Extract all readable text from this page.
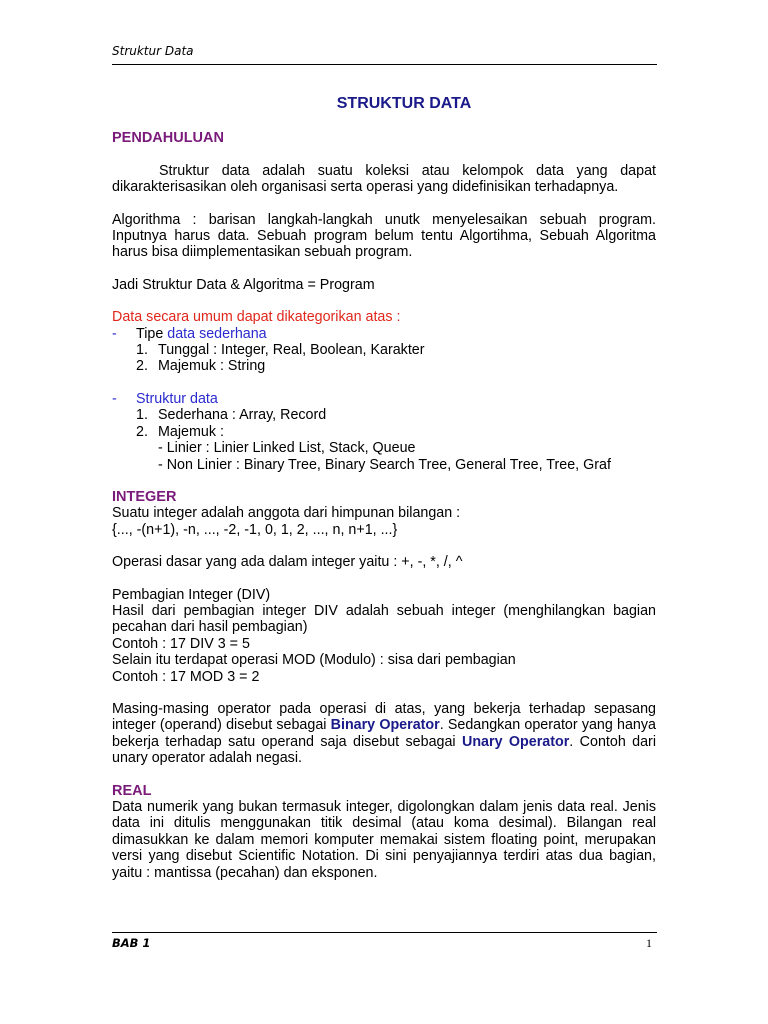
Struktur Data
STRUKTUR DATA
PENDAHULUAN

Struktur data adalah suatu koleksi atau kelompok data yang dapat dikarakterisasikan oleh organisasi serta operasi yang didefinisikan terhadapnya.

Algorithma : barisan langkah-langkah unutk menyelesaikan sebuah program. Inputnya harus data. Sebuah program belum tentu Algortihma, Sebuah Algoritma harus bisa diimplementasikan sebuah program.

Jadi Struktur Data & Algoritma = Program

Data secara umum dapat dikategorikan atas :

- Tipe data sederhana
1. Tunggal : Integer, Real, Boolean, Karakter
2. Majemuk : String
- Struktur data
1. Sederhana : Array, Record
2. Majemuk :
- Linier : Linier Linked List, Stack, Queue
- Non Linier : Binary Tree, Binary Search Tree, General Tree, Tree, Graf
INTEGER

Suatu integer adalah anggota dari himpunan bilangan :

{..., -(n+1), -n, ..., -2, -1, 0, 1, 2, ..., n, n+1, ...}

Operasi dasar yang ada dalam integer yaitu : +, -, *, /, ^

Pembagian Integer (DIV)

Hasil dari pembagian integer DIV adalah sebuah integer (menghilangkan bagian pecahan dari hasil pembagian)

Contoh : 17 DIV 3 = 5

Selain itu terdapat operasi MOD (Modulo) : sisa dari pembagian

Contoh : 17 MOD 3 = 2

Masing-masing operator pada operasi di atas, yang bekerja terhadap sepasang integer (operand) disebut sebagai Binary Operator. Sedangkan operator yang hanya bekerja terhadap satu operand saja disebut sebagai Unary Operator. Contoh dari unary operator adalah negasi.

REAL

Data numerik yang bukan termasuk integer, digolongkan dalam jenis data real. Jenis data ini ditulis menggunakan titik desimal (atau koma desimal). Bilangan real dimasukkan ke dalam memori komputer memakai sistem floating point, merupakan versi yang disebut Scientific Notation. Di sini penyajiannya terdiri atas dua bagian, yaitu : mantissa (pecahan) dan eksponen.

BAB 1	1
